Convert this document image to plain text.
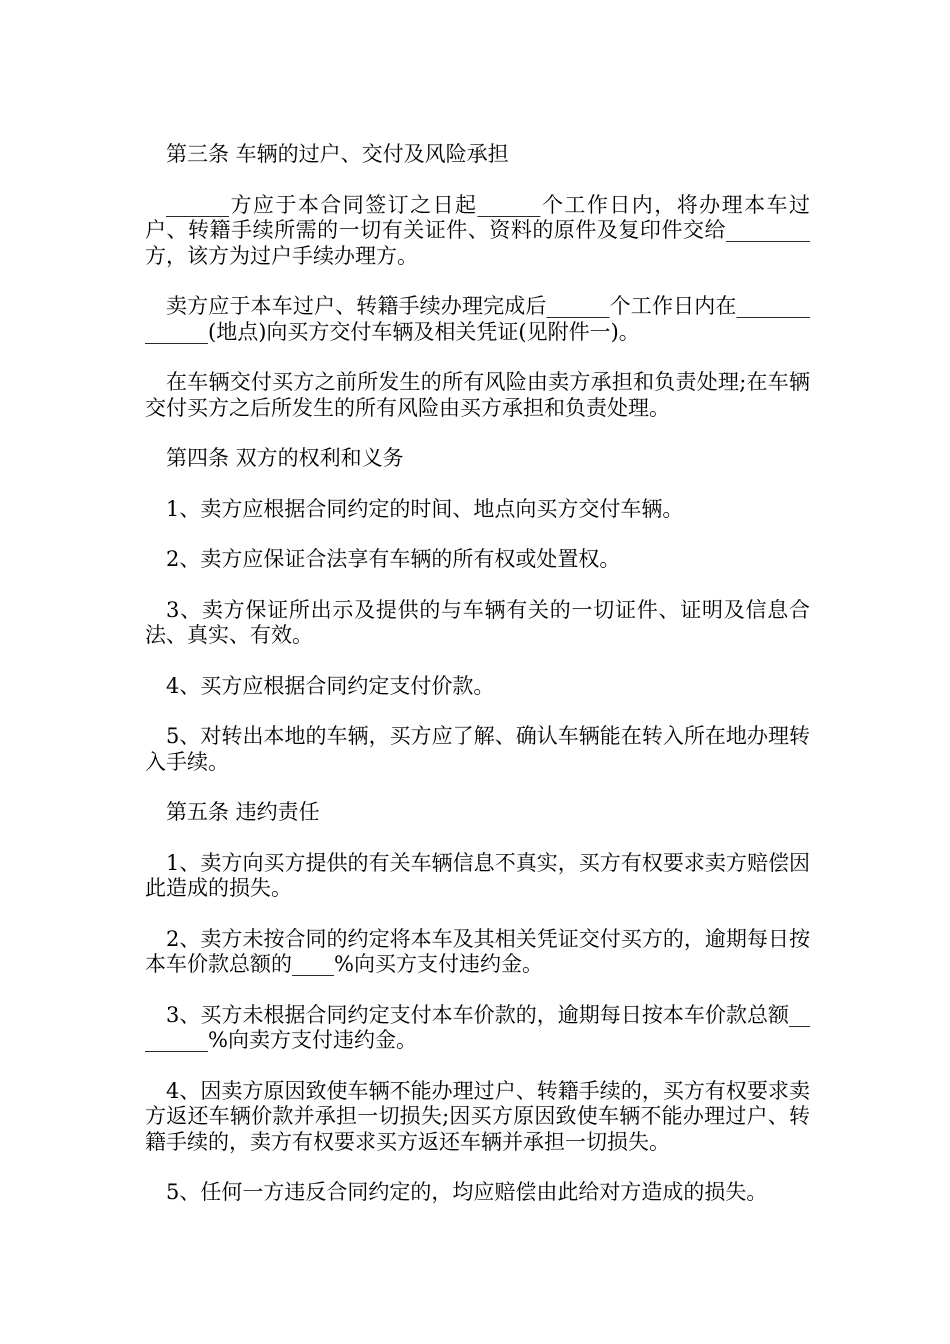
第三条 车辆的过户、交付及风险承担

______方应于本合同签订之日起______个工作日内，将办理本车过户、转籍手续所需的一切有关证件、资料的原件及复印件交给________方，该方为过户手续办理方。

卖方应于本车过户、转籍手续办理完成后______个工作日内在_____________(地点)向买方交付车辆及相关凭证(见附件一)。

在车辆交付买方之前所发生的所有风险由卖方承担和负责处理;在车辆交付买方之后所发生的所有风险由买方承担和负责处理。

第四条 双方的权利和义务

1、卖方应根据合同约定的时间、地点向买方交付车辆。

2、卖方应保证合法享有车辆的所有权或处置权。

3、卖方保证所出示及提供的与车辆有关的一切证件、证明及信息合法、真实、有效。

4、买方应根据合同约定支付价款。

5、对转出本地的车辆，买方应了解、确认车辆能在转入所在地办理转入手续。

第五条 违约责任

1、卖方向买方提供的有关车辆信息不真实，买方有权要求卖方赔偿因此造成的损失。

2、卖方未按合同的约定将本车及其相关凭证交付买方的，逾期每日按本车价款总额的____%向买方支付违约金。

3、买方未根据合同约定支付本车价款的，逾期每日按本车价款总额________%向卖方支付违约金。

4、因卖方原因致使车辆不能办理过户、转籍手续的，买方有权要求卖方返还车辆价款并承担一切损失;因买方原因致使车辆不能办理过户、转籍手续的，卖方有权要求买方返还车辆并承担一切损失。

5、任何一方违反合同约定的，均应赔偿由此给对方造成的损失。
